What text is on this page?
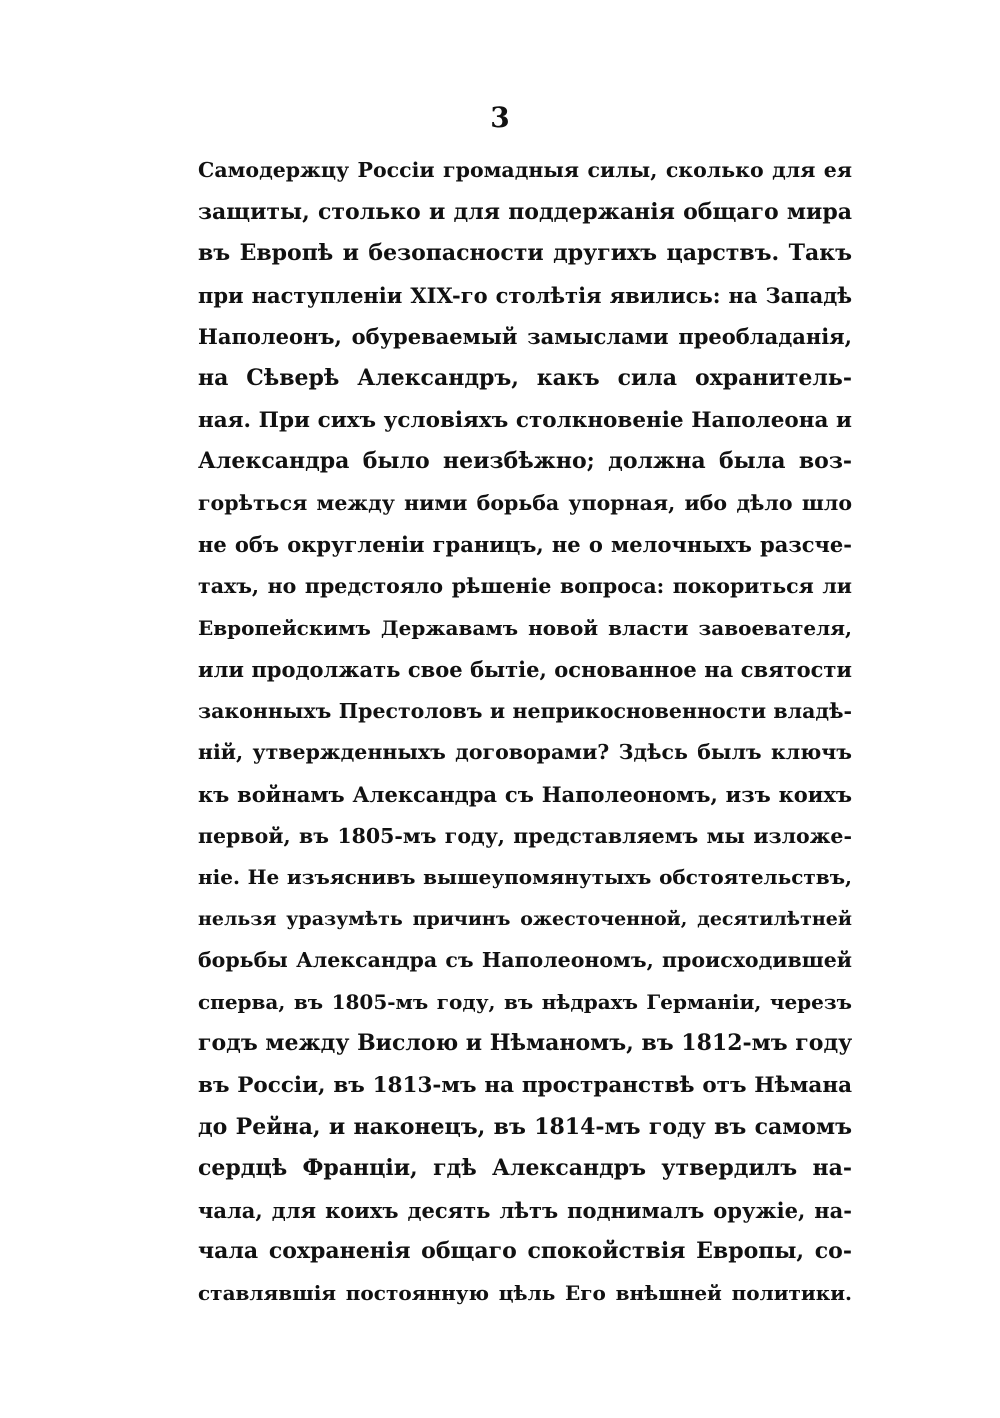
3
Самодержцу Россіи громадныя силы, сколько для ея
защиты, столько и для поддержанія общаго мира
въ Европѣ и безопасности другихъ царствъ. Такъ
при наступленіи XIX-го столѣтія явились: на Западѣ
Наполеонъ, обуреваемый замыслами преобладанія,
на Сѣверѣ Александръ, какъ сила охранитель-
ная. При сихъ условіяхъ столкновеніе Наполеона и
Александра было неизбѣжно; должна была воз-
горѣться между ними борьба упорная, ибо дѣло шло
не объ округленіи границъ, не о мелочныхъ разсче-
тахъ, но предстояло рѣшеніе вопроса: покориться ли
Европейскимъ Державамъ новой власти завоевателя,
или продолжать свое бытіе, основанное на святости
законныхъ Престоловъ и неприкосновенности владѣ-
ній, утвержденныхъ договорами? Здѣсь былъ ключъ
къ войнамъ Александра съ Наполеономъ, изъ коихъ
первой, въ 1805-мъ году, представляемъ мы изложе-
ніе. Не изъяснивъ вышеупомянутыхъ обстоятельствъ,
нельзя уразумѣть причинъ ожесточенной, десятилѣтней
борьбы Александра съ Наполеономъ, происходившей
сперва, въ 1805-мъ году, въ нѣдрахъ Германіи, черезъ
годъ между Вислою и Нѣманомъ, въ 1812-мъ году
въ Россіи, въ 1813-мъ на пространствѣ отъ Нѣмана
до Рейна, и наконецъ, въ 1814-мъ году въ самомъ
сердцѣ Франціи, гдѣ Александръ утвердилъ на-
чала, для коихъ десять лѣтъ поднималъ оружіе, на-
чала сохраненія общаго спокойствія Европы, со-
ставлявшія постоянную цѣль Его внѣшней политики.
